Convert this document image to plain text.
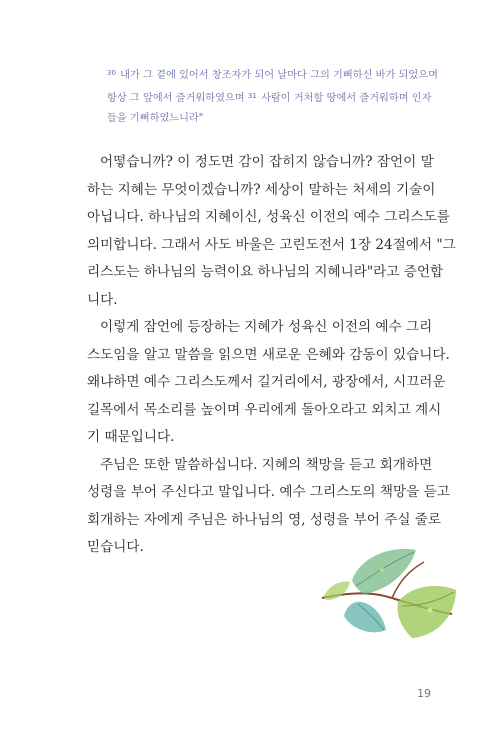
$^{30}$ 내가 그 곁에 있어서 창조자가 되어 날마다 그의 기뻐하신 바가 되었으며
항상 그 앞에서 즐거워하였으며 $^{31}$ 사람이 거처할 땅에서 즐거워하며 인자
들을 기뻐하였느니라"
어떻습니까? 이 정도면 감이 잡히지 않습니까? 잠언이 말
하는 지혜는 무엇이겠습니까? 세상이 말하는 처세의 기술이
아닙니다. 하나님의 지혜이신, 성육신 이전의 예수 그리스도를
의미합니다. 그래서 사도 바울은 고린도전서 1장 24절에서 "그
리스도는 하나님의 능력이요 하나님의 지혜니라"라고 증언합
니다.
이렇게 잠언에 등장하는 지혜가 성육신 이전의 예수 그리
스도임을 알고 말씀을 읽으면 새로운 은혜와 감동이 있습니다.
왜냐하면 예수 그리스도께서 길거리에서, 광장에서, 시끄러운
길목에서 목소리를 높이며 우리에게 돌아오라고 외치고 계시
기 때문입니다.
주님은 또한 말씀하십니다. 지혜의 책망을 듣고 회개하면
성령을 부어 주신다고 말입니다. 예수 그리스도의 책망을 듣고
회개하는 자에게 주님은 하나님의 영, 성령을 부어 주실 줄로
믿습니다.
19
